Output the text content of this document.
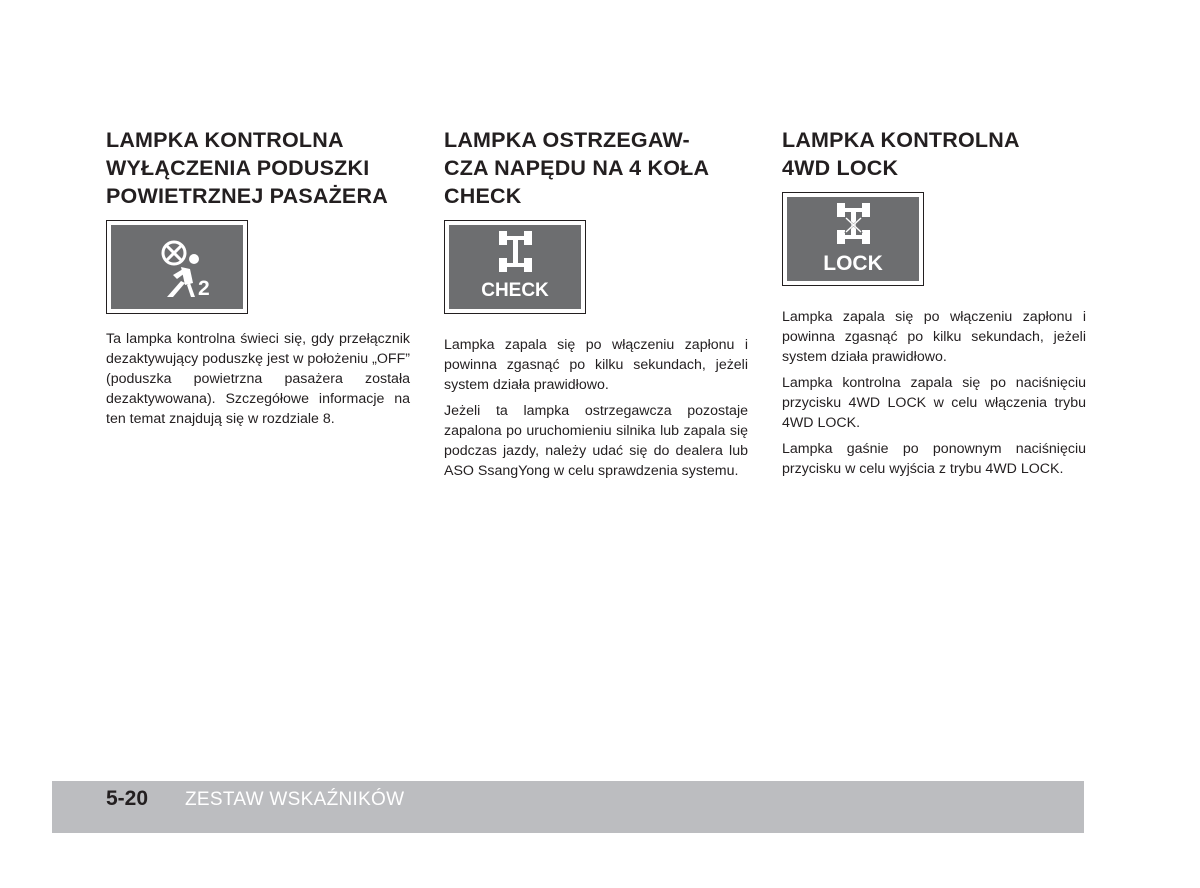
LAMPKA KONTROLNA
WYŁĄCZENIA PODUSZKI
POWIETRZNEJ PASAŻERA
2

Ta lampka kontrolna świeci się, gdy przełącznik dezaktywujący poduszkę jest w położeniu „OFF” (poduszka powietrzna pasażera została dezaktywowana). Szczegółowe informacje na ten temat znajdują się w rozdziale 8.

LAMPKA OSTRZEGAW-
CZA NAPĘDU NA 4 KOŁA
CHECK
CHECK

Lampka zapala się po włączeniu zapłonu i powinna zgasnąć po kilku sekundach, jeżeli system działa prawidłowo.

Jeżeli ta lampka ostrzegawcza pozostaje zapalona po uruchomieniu silnika lub zapala się podczas jazdy, należy udać się do dealera lub ASO SsangYong w celu sprawdzenia systemu.

LAMPKA KONTROLNA
4WD LOCK
LOCK

Lampka zapala się po włączeniu zapłonu i powinna zgasnąć po kilku sekundach, jeżeli system działa prawidłowo.

Lampka kontrolna zapala się po naciśnięciu przycisku 4WD LOCK w celu włączenia trybu 4WD LOCK.

Lampka gaśnie po ponownym naciśnięciu przycisku w celu wyjścia z trybu 4WD LOCK.

5-20 ZESTAW WSKAŹNIKÓW
